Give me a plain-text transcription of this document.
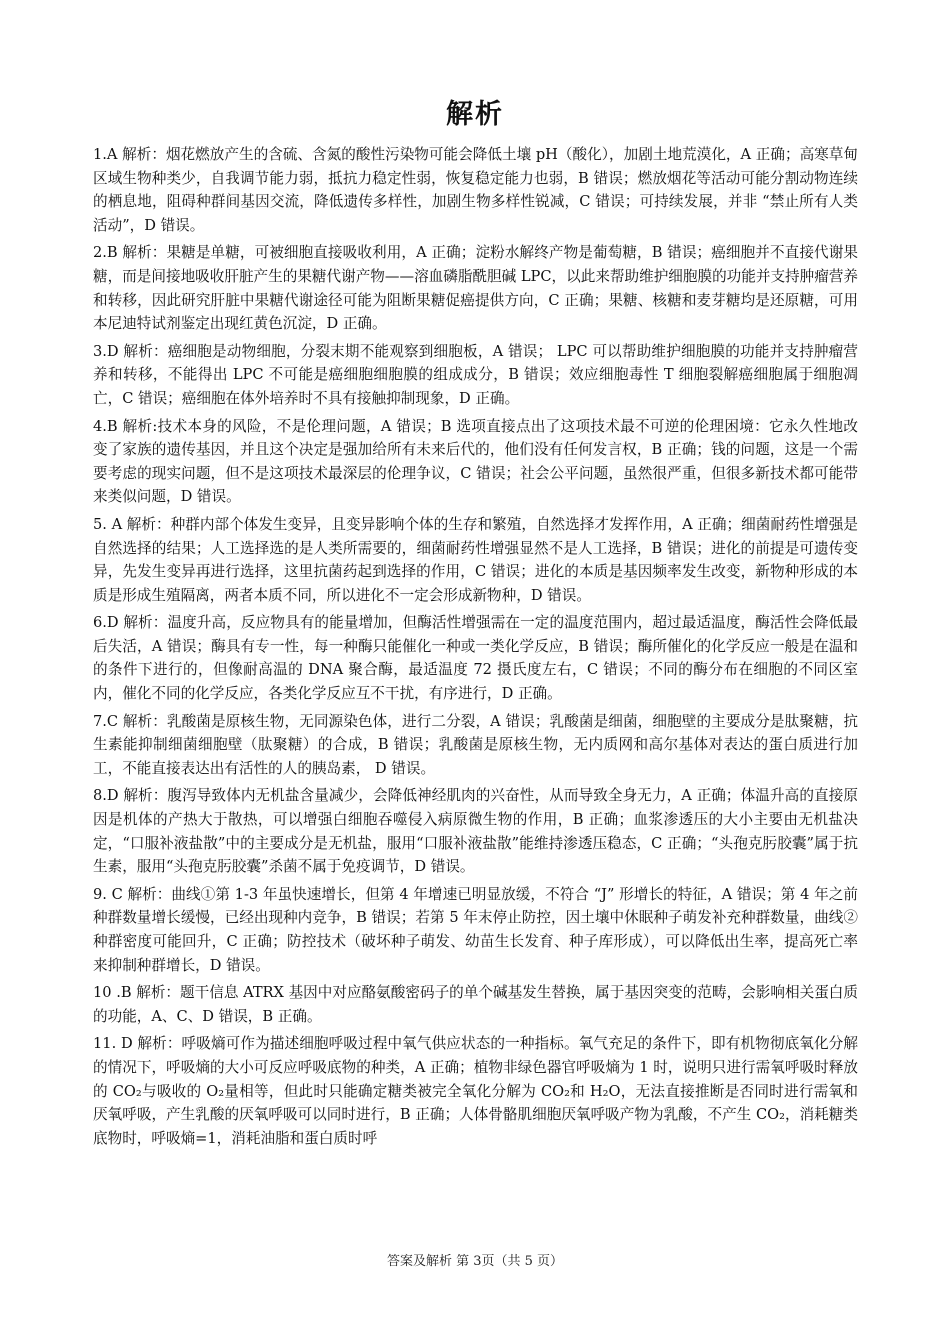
解析

1.A 解析：烟花燃放产生的含硫、含氮的酸性污染物可能会降低土壤 pH（酸化），加剧土地荒漠化，A 正确；高寒草甸区域生物种类少，自我调节能力弱，抵抗力稳定性弱，恢复稳定能力也弱，B 错误；燃放烟花等活动可能分割动物连续的栖息地，阻碍种群间基因交流，降低遗传多样性，加剧生物多样性锐减，C 错误；可持续发展，并非 “禁止所有人类活动”，D 错误。

2.B 解析：果糖是单糖，可被细胞直接吸收利用，A 正确；淀粉水解终产物是葡萄糖，B 错误；癌细胞并不直接代谢果糖，而是间接地吸收肝脏产生的果糖代谢产物——溶血磷脂酰胆碱 LPC，以此来帮助维护细胞膜的功能并支持肿瘤营养和转移，因此研究肝脏中果糖代谢途径可能为阻断果糖促癌提供方向，C 正确；果糖、核糖和麦芽糖均是还原糖，可用本尼迪特试剂鉴定出现红黄色沉淀，D 正确。

3.D 解析：癌细胞是动物细胞，分裂末期不能观察到细胞板，A 错误； LPC 可以帮助维护细胞膜的功能并支持肿瘤营养和转移，不能得出 LPC 不可能是癌细胞细胞膜的组成成分，B 错误；效应细胞毒性 T 细胞裂解癌细胞属于细胞凋亡，C 错误；癌细胞在体外培养时不具有接触抑制现象，D 正确。

4.B 解析:技术本身的风险，不是伦理问题，A 错误；B 选项直接点出了这项技术最不可逆的伦理困境：它永久性地改变了家族的遗传基因，并且这个决定是强加给所有未来后代的，他们没有任何发言权，B 正确；钱的问题，这是一个需要考虑的现实问题，但不是这项技术最深层的伦理争议，C 错误；社会公平问题，虽然很严重，但很多新技术都可能带来类似问题，D 错误。

5. A 解析：种群内部个体发生变异，且变异影响个体的生存和繁殖，自然选择才发挥作用，A 正确；细菌耐药性增强是自然选择的结果；人工选择选的是人类所需要的，细菌耐药性增强显然不是人工选择，B 错误；进化的前提是可遗传变异，先发生变异再进行选择，这里抗菌药起到选择的作用，C 错误；进化的本质是基因频率发生改变，新物种形成的本质是形成生殖隔离，两者本质不同，所以进化不一定会形成新物种，D 错误。

6.D 解析：温度升高，反应物具有的能量增加，但酶活性增强需在一定的温度范围内，超过最适温度，酶活性会降低最后失活，A 错误；酶具有专一性，每一种酶只能催化一种或一类化学反应，B 错误；酶所催化的化学反应一般是在温和的条件下进行的，但像耐高温的 DNA 聚合酶，最适温度 72 摄氏度左右，C 错误；不同的酶分布在细胞的不同区室内，催化不同的化学反应，各类化学反应互不干扰，有序进行，D 正确。

7.C 解析：乳酸菌是原核生物，无同源染色体，进行二分裂，A 错误；乳酸菌是细菌，细胞壁的主要成分是肽聚糖，抗生素能抑制细菌细胞壁（肽聚糖）的合成，B 错误；乳酸菌是原核生物，无内质网和高尔基体对表达的蛋白质进行加工，不能直接表达出有活性的人的胰岛素， D 错误。

8.D 解析：腹泻导致体内无机盐含量减少，会降低神经肌肉的兴奋性，从而导致全身无力，A 正确；体温升高的直接原因是机体的产热大于散热，可以增强白细胞吞噬侵入病原微生物的作用，B 正确；血浆渗透压的大小主要由无机盐决定，“口服补液盐散”中的主要成分是无机盐，服用“口服补液盐散”能维持渗透压稳态，C 正确；“头孢克肟胶囊”属于抗生素，服用“头孢克肟胶囊”杀菌不属于免疫调节，D 错误。

9. C 解析：曲线①第 1-3 年虽快速增长，但第 4 年增速已明显放缓，不符合 “J” 形增长的特征，A 错误；第 4 年之前种群数量增长缓慢，已经出现种内竞争，B 错误；若第 5 年末停止防控，因土壤中休眠种子萌发补充种群数量，曲线②种群密度可能回升，C 正确；防控技术（破坏种子萌发、幼苗生长发育、种子库形成），可以降低出生率，提高死亡率来抑制种群增长，D 错误。

10 .B 解析：题干信息 ATRX 基因中对应酪氨酸密码子的单个碱基发生替换，属于基因突变的范畴，会影响相关蛋白质的功能，A、C、D 错误，B 正确。

11. D 解析：呼吸熵可作为描述细胞呼吸过程中氧气供应状态的一种指标。氧气充足的条件下，即有机物彻底氧化分解的情况下，呼吸熵的大小可反应呼吸底物的种类，A 正确；植物非绿色器官呼吸熵为 1 时，说明只进行需氧呼吸时释放的 CO₂与吸收的 O₂量相等，但此时只能确定糖类被完全氧化分解为 CO₂和 H₂O，无法直接推断是否同时进行需氧和厌氧呼吸，产生乳酸的厌氧呼吸可以同时进行，B 正确；人体骨骼肌细胞厌氧呼吸产物为乳酸，不产生 CO₂，消耗糖类底物时，呼吸熵=1，消耗油脂和蛋白质时呼

答案及解析 第 3页（共 5 页）
